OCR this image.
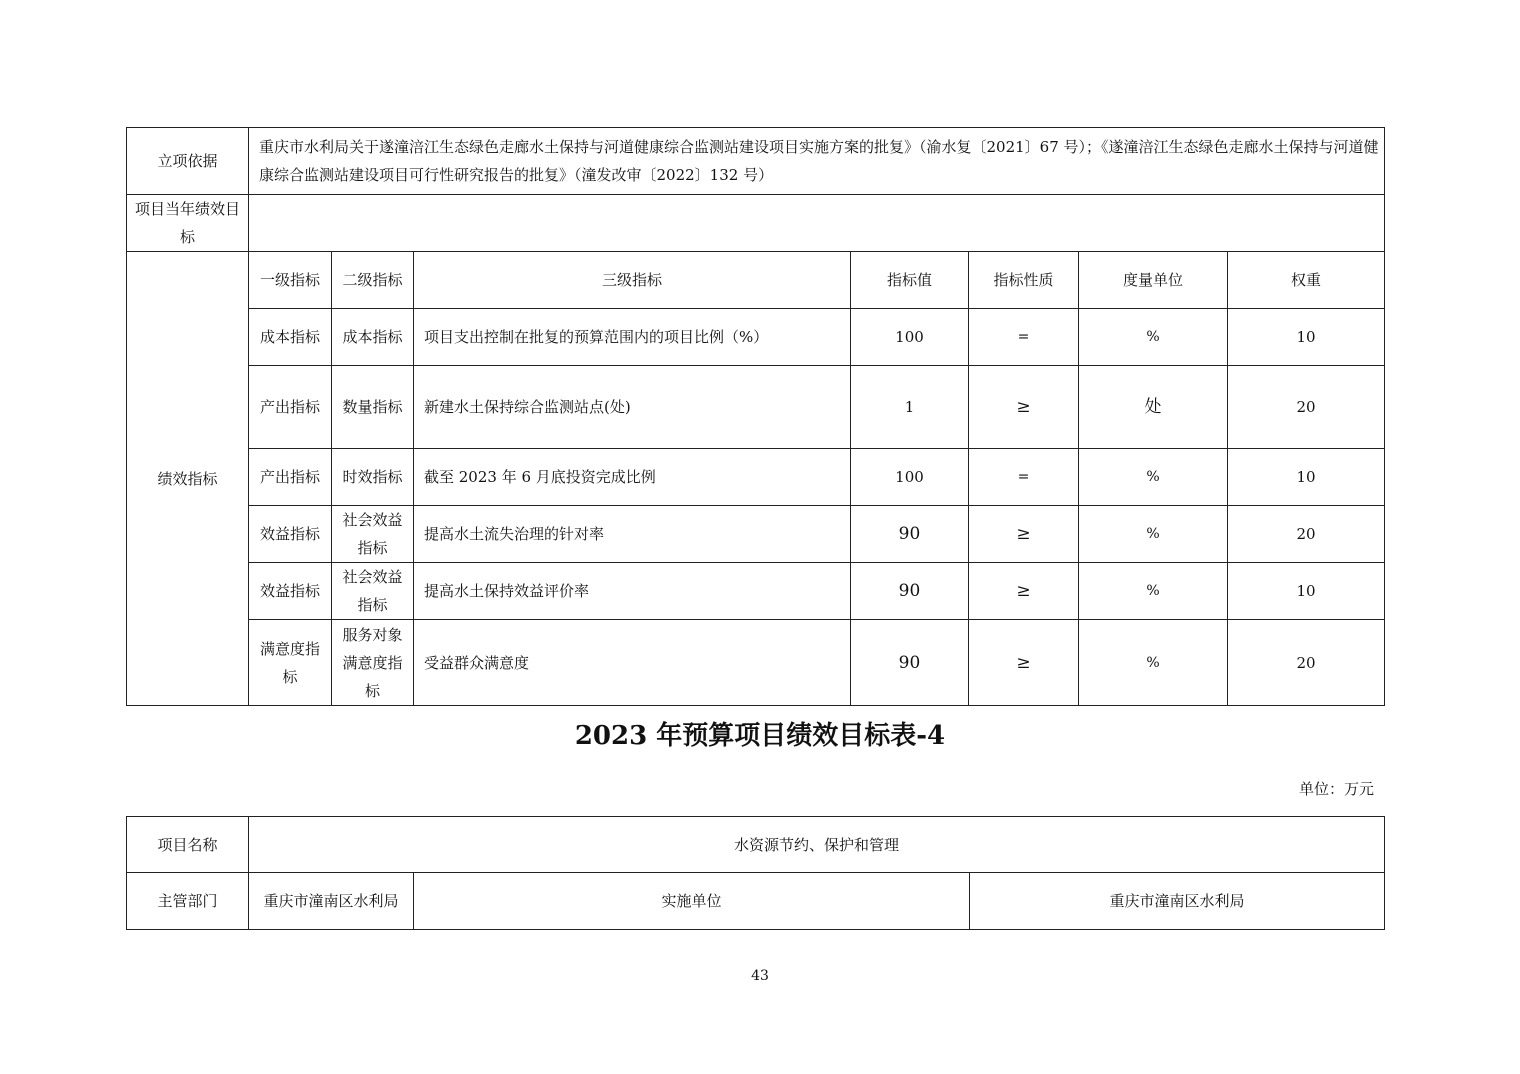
立项依据	重庆市水利局关于遂潼涪江生态绿色走廊水土保持与河道健康综合监测站建设项目实施方案的批复》（渝水复〔2021〕67 号）；《遂潼涪江生态绿色走廊水土保持与河道健康综合监测站建设项目可行性研究报告的批复》（潼发改审〔2022〕132 号）						
项目当年绩效目标							
绩效指标	一级指标	二级指标	三级指标	指标值	指标性质	度量单位	权重
	成本指标	成本指标	项目支出控制在批复的预算范围内的项目比例（%）	100	=	%	10
	产出指标	数量指标	新建水土保持综合监测站点(处)	1	≥	处	20
	产出指标	时效指标	截至 2023 年 6 月底投资完成比例	100	=	%	10
	效益指标	社会效益指标	提高水土流失治理的针对率	90	≥	%	20
	效益指标	社会效益指标	提高水土保持效益评价率	90	≥	%	10
	满意度指标	服务对象满意度指标	受益群众满意度	90	≥	%	20
2023 年预算项目绩效目标表-4
单位：万元
项目名称	水资源节约、保护和管理		
主管部门	重庆市潼南区水利局	实施单位	重庆市潼南区水利局
43
